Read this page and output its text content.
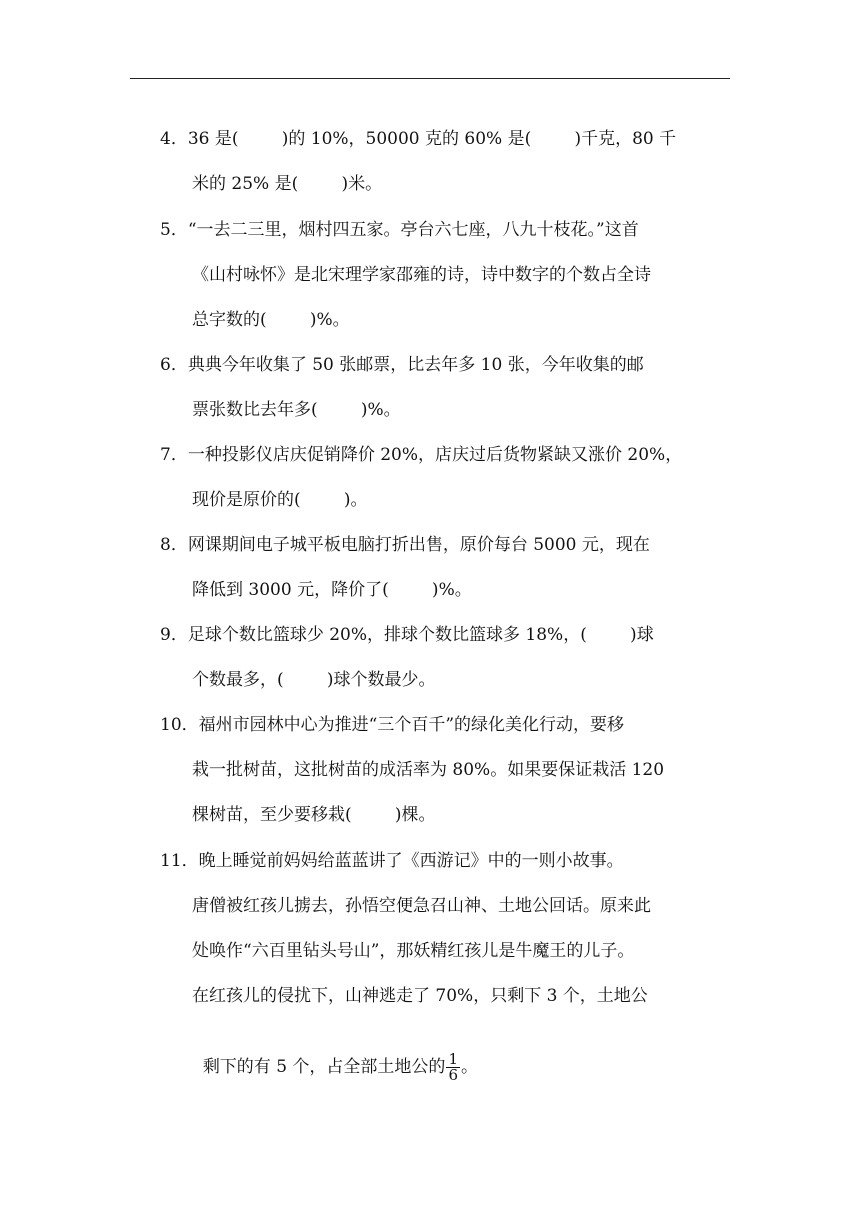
4．36 是(        )的 10%，50000 克的 60% 是(        )千克，80 千
米的 25% 是(        )米。
5．“一去二三里，烟村四五家。亭台六七座，八九十枝花。”这首
《山村咏怀》是北宋理学家邵雍的诗，诗中数字的个数占全诗
总字数的(        )%。
6．典典今年收集了 50 张邮票，比去年多 10 张，今年收集的邮
票张数比去年多(        )%。
7．一种投影仪店庆促销降价 20%，店庆过后货物紧缺又涨价 20%，
现价是原价的(        )。
8．网课期间电子城平板电脑打折出售，原价每台 5000 元，现在
降低到 3000 元，降价了(        )%。
9．足球个数比篮球少 20%，排球个数比篮球多 18%，(        )球
个数最多，(        )球个数最少。
10．福州市园林中心为推进“三个百千”的绿化美化行动，要移
栽一批树苗，这批树苗的成活率为 80%。如果要保证栽活 120
棵树苗，至少要移栽(        )棵。
11．晚上睡觉前妈妈给蓝蓝讲了《西游记》中的一则小故事。
唐僧被红孩儿掳去，孙悟空便急召山神、土地公回话。原来此
处唤作“六百里钻头号山”，那妖精红孩儿是牛魔王的儿子。
在红孩儿的侵扰下，山神逃走了 70%，只剩下 3 个，土地公

剩下的有 5 个，占全部土地公的 $\frac{1}{6}$ 。
